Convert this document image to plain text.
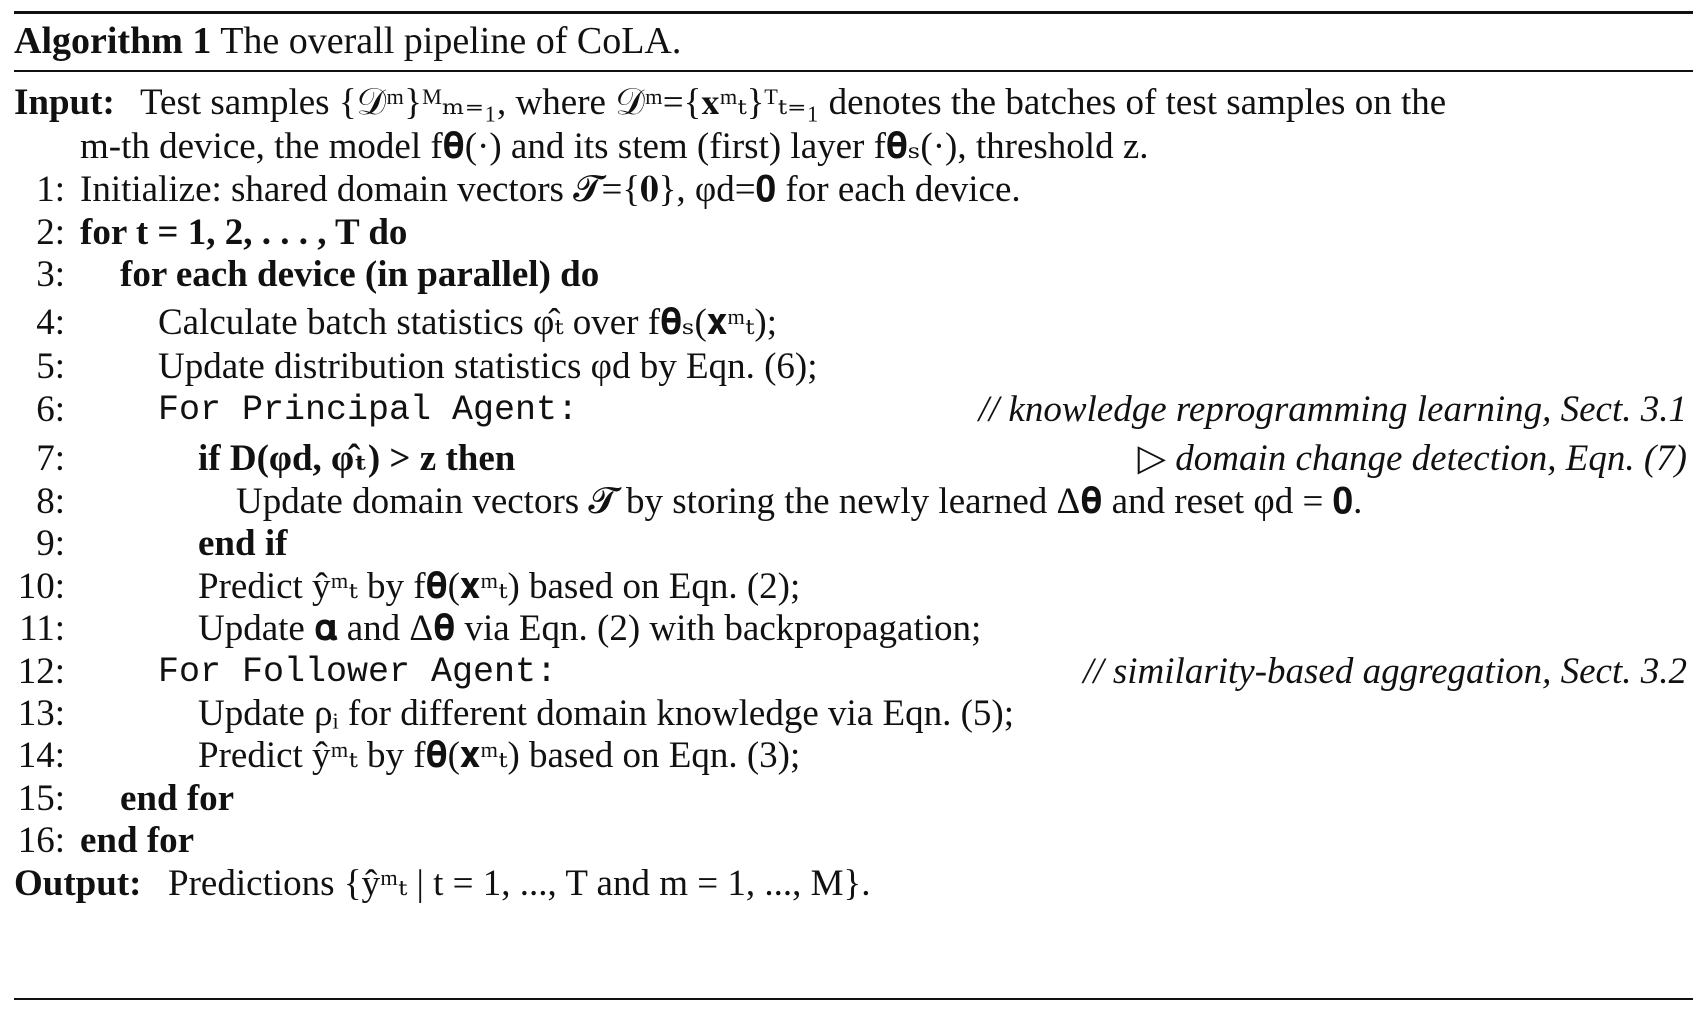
Algorithm 1 The overall pipeline of CoLA.
Input: Test samples {𝒟ᵐ}ᴹₘ₌₁, where 𝒟ᵐ={𝐱ᵐₜ}ᵀₜ₌₁ denotes the batches of test samples on the
m-th device, the model f𝛉(·) and its stem (first) layer f𝛉ₛ(·), threshold z.
1: Initialize: shared domain vectors 𝓣={𝟎}, φd=𝟎 for each device.
2: for t = 1, 2, . . . , T do
3: for each device (in parallel) do
4:	Calculate batch statistics φ̂ₜ over f𝛉ₛ(𝐱ᵐₜ);
5:	Update distribution statistics φd by Eqn. (6);
6:	For Principal Agent:	// knowledge reprogramming learning, Sect. 3.1
7:	if D(φd, φ̂ₜ) > z then	▷ domain change detection, Eqn. (7)
8:	Update domain vectors 𝓣 by storing the newly learned Δ𝛉 and reset φd = 𝟎.
9:	end if
10:	Predict ŷᵐₜ by f𝛉(𝐱ᵐₜ) based on Eqn. (2);
11:	Update 𝛂 and Δ𝛉 via Eqn. (2) with backpropagation;
12:	For Follower Agent:	// similarity-based aggregation, Sect. 3.2
13:	Update ρᵢ for different domain knowledge via Eqn. (5);
14:	Predict ŷᵐₜ by f𝛉(𝐱ᵐₜ) based on Eqn. (3);
15: end for
16: end for
Output: Predictions {ŷᵐₜ | t = 1, ..., T and m = 1, ..., M}.
